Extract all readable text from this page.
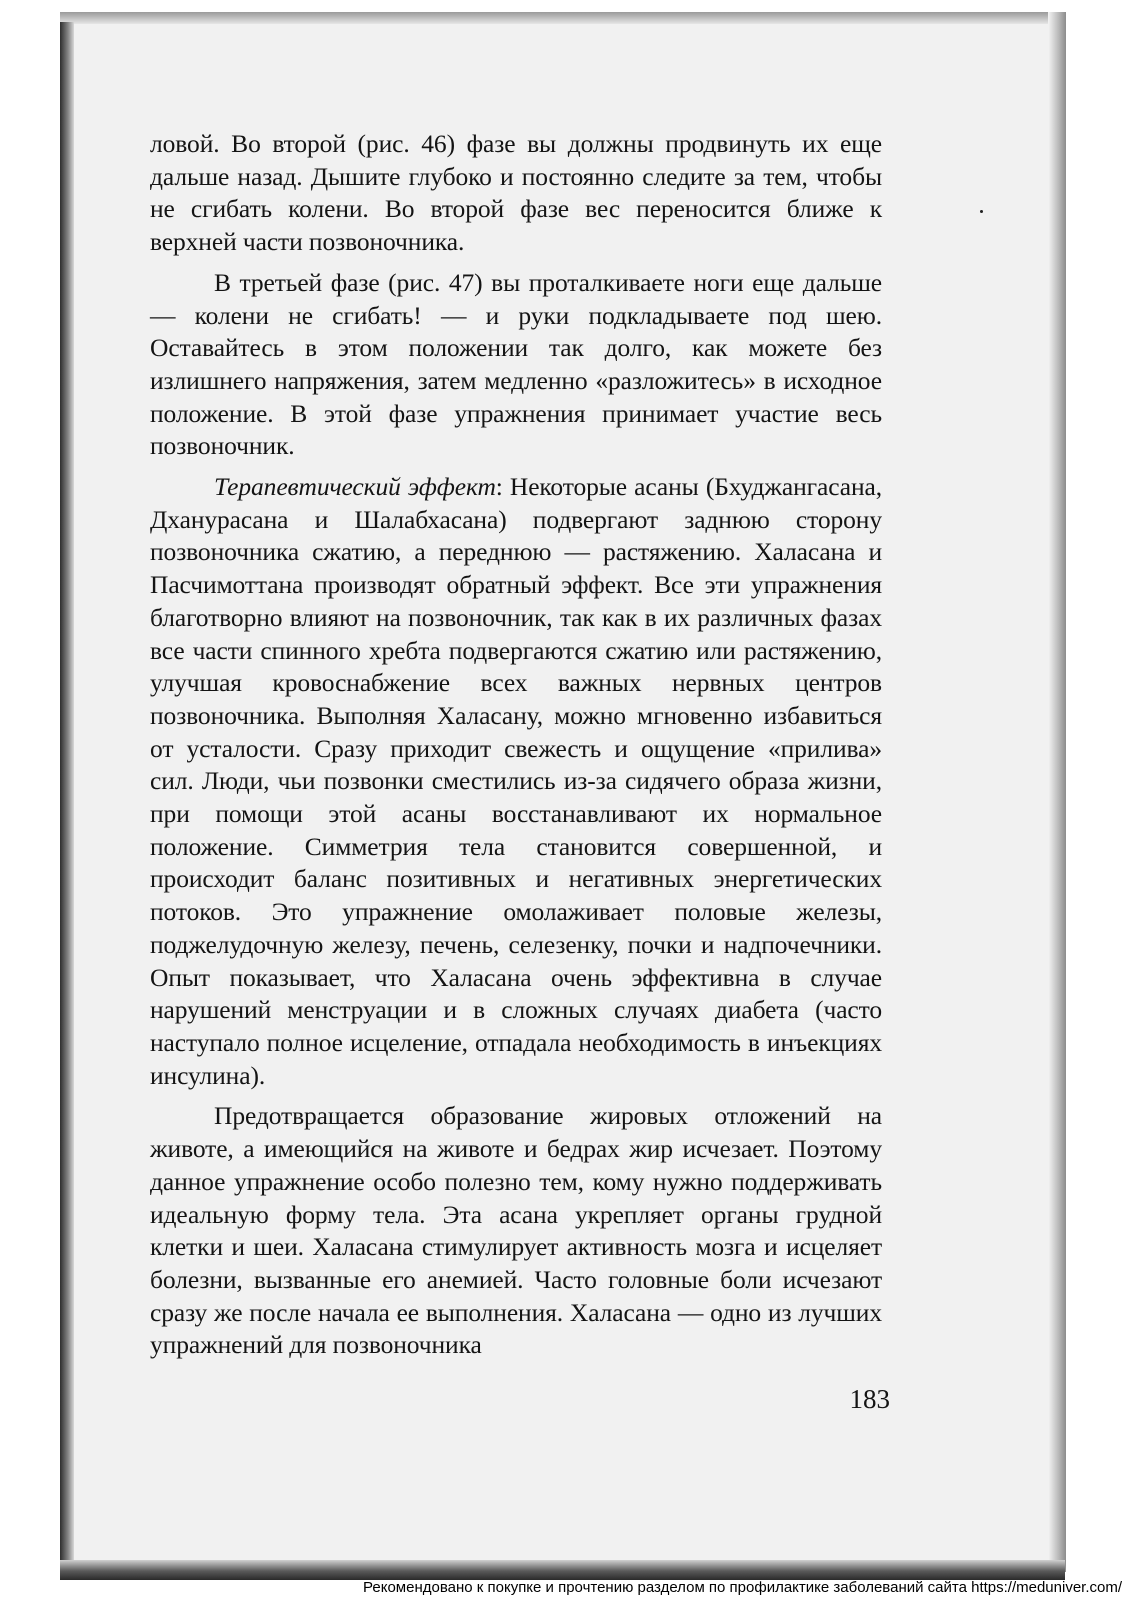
ловой. Во второй (рис. 46) фазе вы должны продвинуть их еще дальше назад. Дышите глубоко и постоянно следите за тем, чтобы не сгибать колени. Во второй фазе вес переносится ближе к верхней части позвоночника.

В третьей фазе (рис. 47) вы проталкиваете ноги еще дальше — колени не сгибать! — и руки подкладываете под шею. Оставайтесь в этом положении так долго, как можете без излишнего напряжения, затем медленно «разложитесь» в исходное положение. В этой фазе упражнения принимает участие весь позвоночник.

Терапевтический эффект: Некоторые асаны (Бхуджангасана, Дханурасана и Шалабхасана) подвергают заднюю сторону позвоночника сжатию, а переднюю — растяжению. Халасана и Пасчимоттана производят обратный эффект. Все эти упражнения благотворно влияют на позвоночник, так как в их различных фазах все части спинного хребта подвергаются сжатию или растяжению, улучшая кровоснабжение всех важных нервных центров позвоночника. Выполняя Халасану, можно мгновенно избавиться от усталости. Сразу приходит свежесть и ощущение «прилива» сил. Люди, чьи позвонки сместились из-за сидячего образа жизни, при помощи этой асаны восстанавливают их нормальное положение. Симметрия тела становится совершенной, и происходит баланс позитивных и негативных энергетических потоков. Это упражнение омолаживает половые железы, поджелудочную железу, печень, селезенку, почки и надпочечники. Опыт показывает, что Халасана очень эффективна в случае нарушений менструации и в сложных случаях диабета (часто наступало полное исцеление, отпадала необходимость в инъекциях инсулина).

Предотвращается образование жировых отложений на животе, а имеющийся на животе и бедрах жир исчезает. Поэтому данное упражнение особо полезно тем, кому нужно поддерживать идеальную форму тела. Эта асана укрепляет органы грудной клетки и шеи. Халасана стимулирует активность мозга и исцеляет болезни, вызванные его анемией. Часто головные боли исчезают сразу же после начала ее выполнения. Халасана — одно из лучших упражнений для позвоночника

183
Рекомендовано к покупке и прочтению разделом по профилактике заболеваний сайта https://meduniver.com/
